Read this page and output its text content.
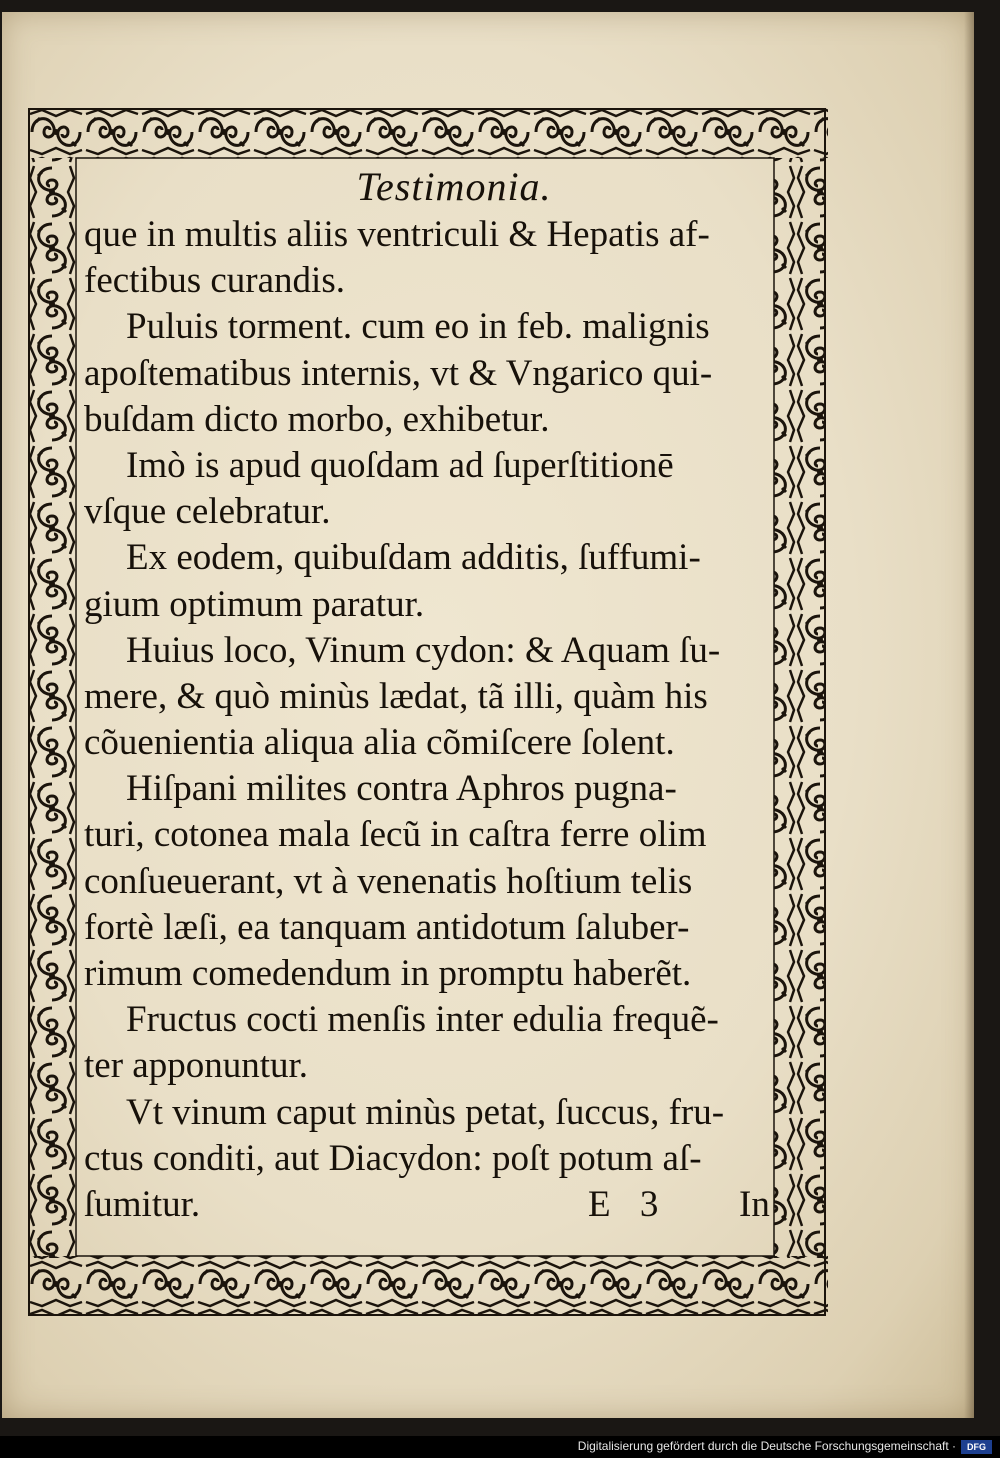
Testimonia.
que in multis aliis ventriculi & Hepatis af-
fectibus curandis.
Puluis torment. cum eo in feb. malignis
apoſtematibus internis, vt & Vngarico qui-
buſdam dicto morbo, exhibetur.
Imò is apud quoſdam ad ſuperſtitionē
vſque celebratur.
Ex eodem, quibuſdam additis, ſuffumi-
gium optimum paratur.
Huius loco, Vinum cydon: & Aquam ſu-
mere, & quò minùs lædat, tã illi, quàm his
cõuenientia aliqua alia cõmiſcere ſolent.
Hiſpani milites contra Aphros pugna-
turi, cotonea mala ſecũ in caſtra ferre olim
conſueuerant, vt à venenatis hoſtium telis
fortè læſi, ea tanquam antidotum ſaluber-
rimum comedendum in promptu haberẽt.
Fructus cocti menſis inter edulia frequẽ-
ter apponuntur.
Vt vinum caput minùs petat, ſuccus, fru-
ctus conditi, aut Diacydon: poſt potum aſ-
ſumitur.	E 3 In
Digitalisierung gefördert durch die Deutsche Forschungsgemeinschaft ·	DFG
